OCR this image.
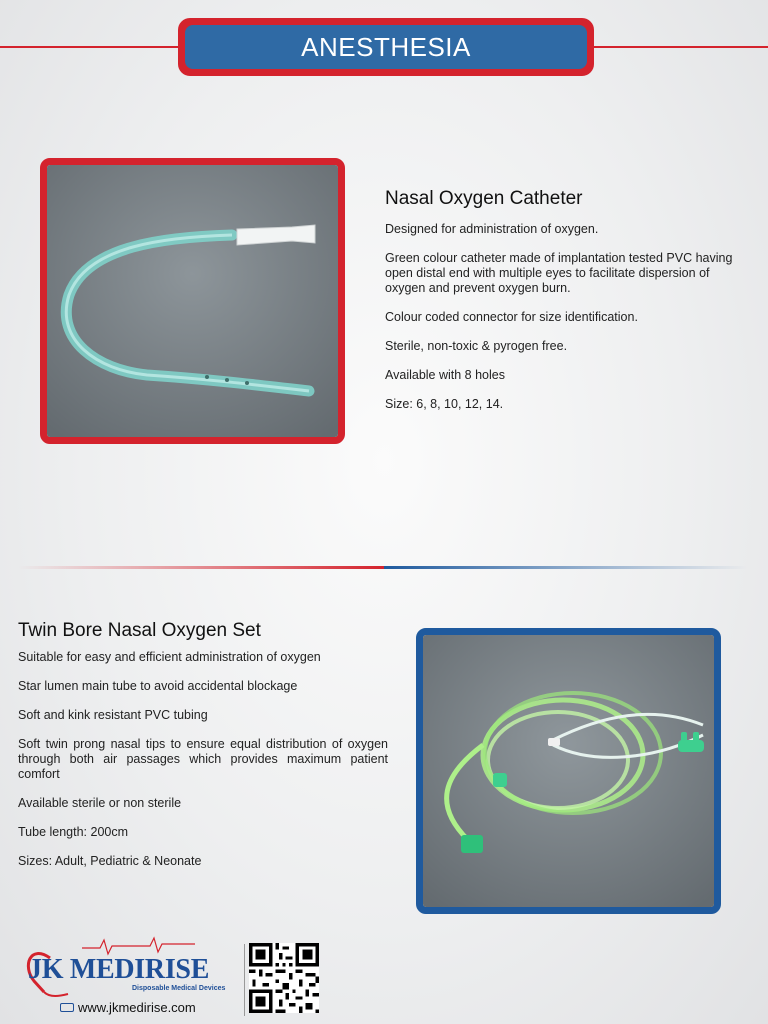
ANESTHESIA
Nasal Oxygen Catheter

Designed for administration of oxygen.

Green colour catheter made of implantation tested PVC having open distal end with multiple eyes to facilitate dispersion of oxygen and prevent oxygen burn.

Colour coded connector for size identification.

Sterile, non-toxic & pyrogen free.

Available with 8 holes

Size: 6, 8, 10, 12, 14.

Twin Bore Nasal Oxygen Set

Suitable for easy and efficient administration of oxygen

Star lumen main tube to avoid accidental blockage

Soft and kink resistant PVC tubing

Soft twin prong nasal tips to ensure equal distribution of oxygen through both air passages which provides maximum patient comfort

Available sterile or non sterile

Tube length: 200cm

Sizes: Adult, Pediatric & Neonate

JK MEDIRISE
Disposable Medical Devices
www.jkmedirise.com
